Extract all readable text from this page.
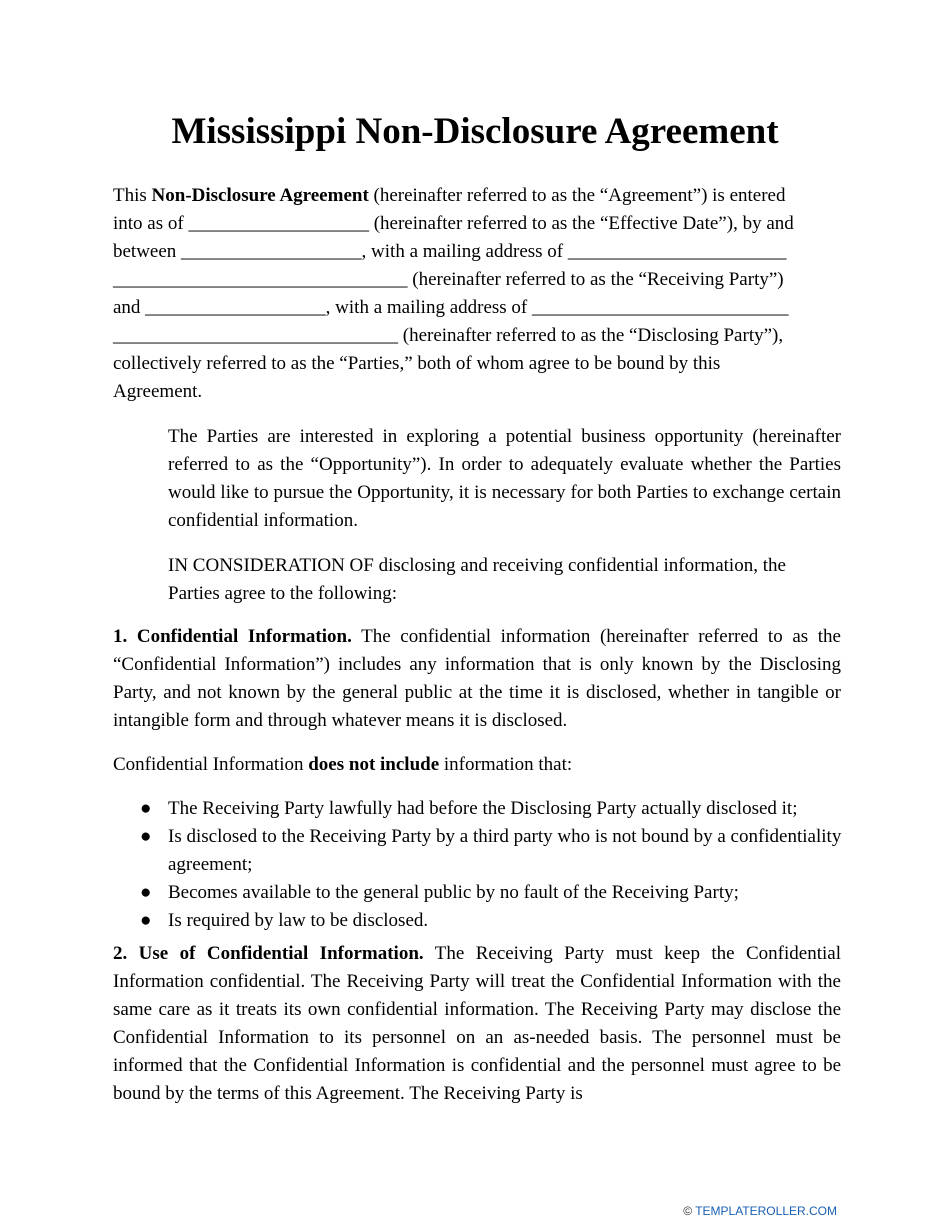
Mississippi Non-Disclosure Agreement
This Non-Disclosure Agreement (hereinafter referred to as the “Agreement”) is entered
into as of ___________________ (hereinafter referred to as the “Effective Date”), by and
between ___________________, with a mailing address of _______________________
_______________________________ (hereinafter referred to as the “Receiving Party”)
and ___________________, with a mailing address of ___________________________
______________________________ (hereinafter referred to as the “Disclosing Party”),
collectively referred to as the “Parties,” both of whom agree to be bound by this
Agreement.

The Parties are interested in exploring a potential business opportunity (hereinafter referred to as the “Opportunity”). In order to adequately evaluate whether the Parties would like to pursue the Opportunity, it is necessary for both Parties to exchange certain confidential information.

IN CONSIDERATION OF disclosing and receiving confidential information, the
Parties agree to the following:

1. Confidential Information. The confidential information (hereinafter referred to as the “Confidential Information”) includes any information that is only known by the Disclosing Party, and not known by the general public at the time it is disclosed, whether in tangible or intangible form and through whatever means it is disclosed.

Confidential Information does not include information that:

● The Receiving Party lawfully had before the Disclosing Party actually disclosed it;
● Is disclosed to the Receiving Party by a third party who is not bound by a confidentiality agreement;
● Becomes available to the general public by no fault of the Receiving Party;
● Is required by law to be disclosed.

2. Use of Confidential Information. The Receiving Party must keep the Confidential Information confidential. The Receiving Party will treat the Confidential Information with the same care as it treats its own confidential information. The Receiving Party may disclose the Confidential Information to its personnel on an as-needed basis. The personnel must be informed that the Confidential Information is confidential and the personnel must agree to be bound by the terms of this Agreement. The Receiving Party is

© TEMPLATEROLLER.COM
